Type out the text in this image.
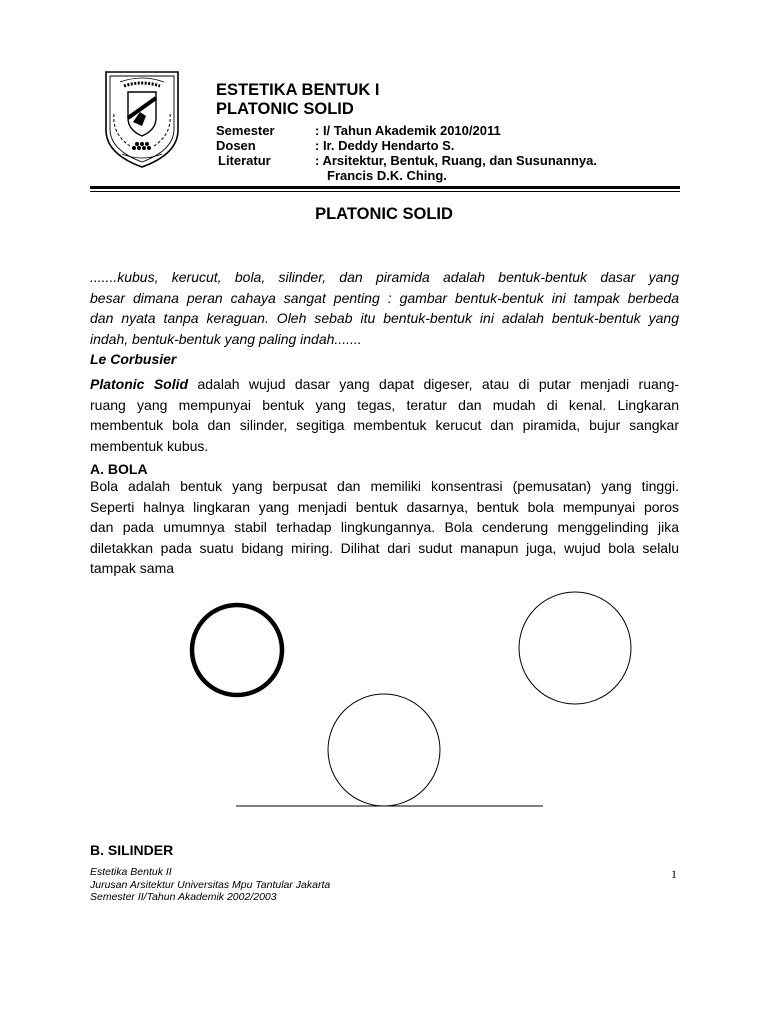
ESTETIKA BENTUK I
PLATONIC SOLID
Semester	: I/ Tahun Akademik 2010/2011
Dosen	: Ir. Deddy Hendarto S.
Literatur	: Arsitektur, Bentuk, Ruang, dan Susunannya.
Francis D.K. Ching.
PLATONIC SOLID
.......kubus, kerucut, bola, silinder, dan piramida adalah bentuk-bentuk dasar yang
besar dimana peran cahaya sangat penting : gambar bentuk-bentuk ini tampak berbeda
dan nyata tanpa keraguan. Oleh sebab itu bentuk-bentuk ini adalah bentuk-bentuk yang
indah, bentuk-bentuk yang paling indah.......
Le Corbusier
Platonic Solid adalah wujud dasar yang dapat digeser, atau di putar menjadi ruang-
ruang yang mempunyai bentuk yang tegas, teratur dan mudah di kenal. Lingkaran
membentuk bola dan silinder, segitiga membentuk kerucut dan piramida, bujur sangkar
membentuk kubus.
A. BOLA
Bola adalah bentuk yang berpusat dan memiliki konsentrasi (pemusatan) yang tinggi.
Seperti halnya lingkaran yang menjadi bentuk dasarnya, bentuk bola mempunyai poros
dan pada umumnya stabil terhadap lingkungannya. Bola cenderung menggelinding jika
diletakkan pada suatu bidang miring. Dilihat dari sudut manapun juga, wujud bola selalu
tampak sama
B. SILINDER
Estetika Bentuk II
Jurusan Arsitektur Universitas Mpu Tantular Jakarta
Semester II/Tahun Akademik 2002/2003
1
